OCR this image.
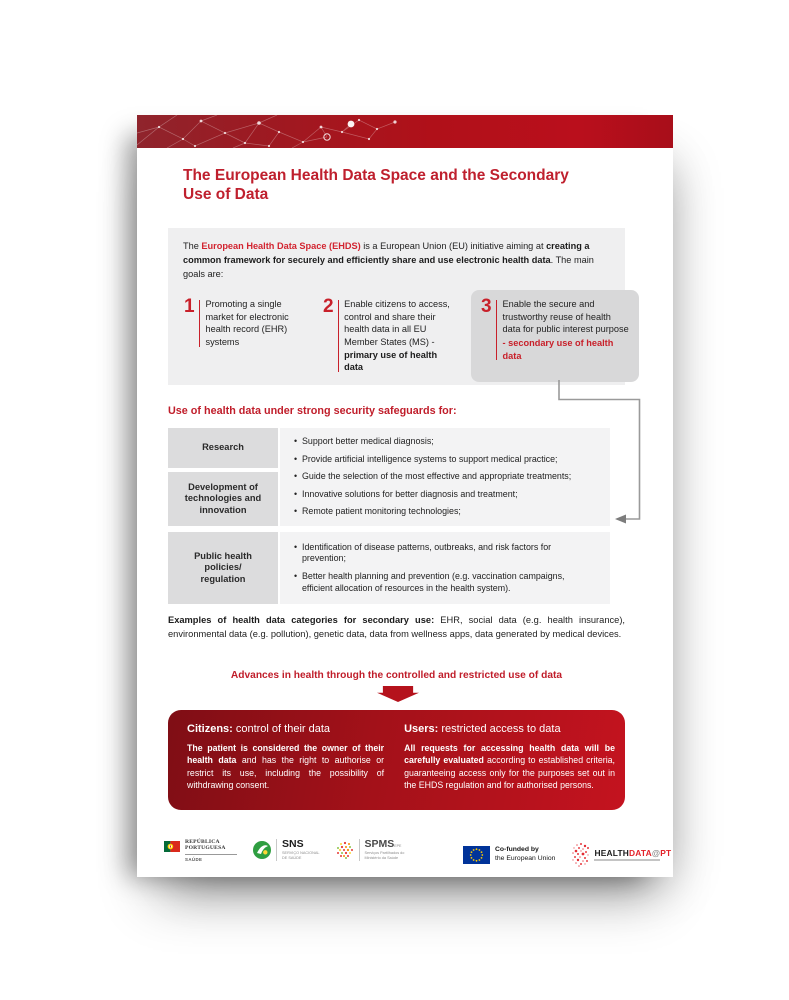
The European Health Data Space and the Secondary
Use of Data
The European Health Data Space (EHDS) is a European Union (EU) initiative aiming at creating a common framework for securely and efficiently share and use electronic health data. The main goals are:
1 Promoting a single market for electronic health record (EHR) systems
2 Enable citizens to access, control and share their health data in all EU Member States (MS) - primary use of health data
3 Enable the secure and trustworthy reuse of health data for public interest purpose
- secondary use of health data
Use of health data under strong security safeguards for:
Research
Development of technologies and innovation
Public health policies/ regulation
• Support better medical diagnosis;
• Provide artificial intelligence systems to support medical practice;
• Guide the selection of the most effective and appropriate treatments;
• Innovative solutions for better diagnosis and treatment;
• Remote patient monitoring technologies;
• Identification of disease patterns, outbreaks, and risk factors for prevention;
• Better health planning and prevention (e.g. vaccination campaigns, efficient allocation of resources in the health system).
Examples of health data categories for secondary use: EHR, social data (e.g. health insurance), environmental data (e.g. pollution), genetic data, data from wellness apps, data generated by medical devices.
Advances in health through the controlled and restricted use of data
Citizens: control of their data
The patient is considered the owner of their health data and has the right to authorise or restrict its use, including the possibility of withdrawing consent.
Users: restricted access to data
All requests for accessing health data will be carefully evaluated according to established criteria, guaranteeing access only for the purposes set out in the EHDS regulation and for authorised persons.
REPÚBLICA
PORTUGUESA
SAÚDE
SNS
SERVIÇO NACIONAL
DE SAÚDE
SPMSEPE
Serviços Partilhados do
Ministério da Saúde
Co-funded by
the European Union
HEALTHDATA@PT
